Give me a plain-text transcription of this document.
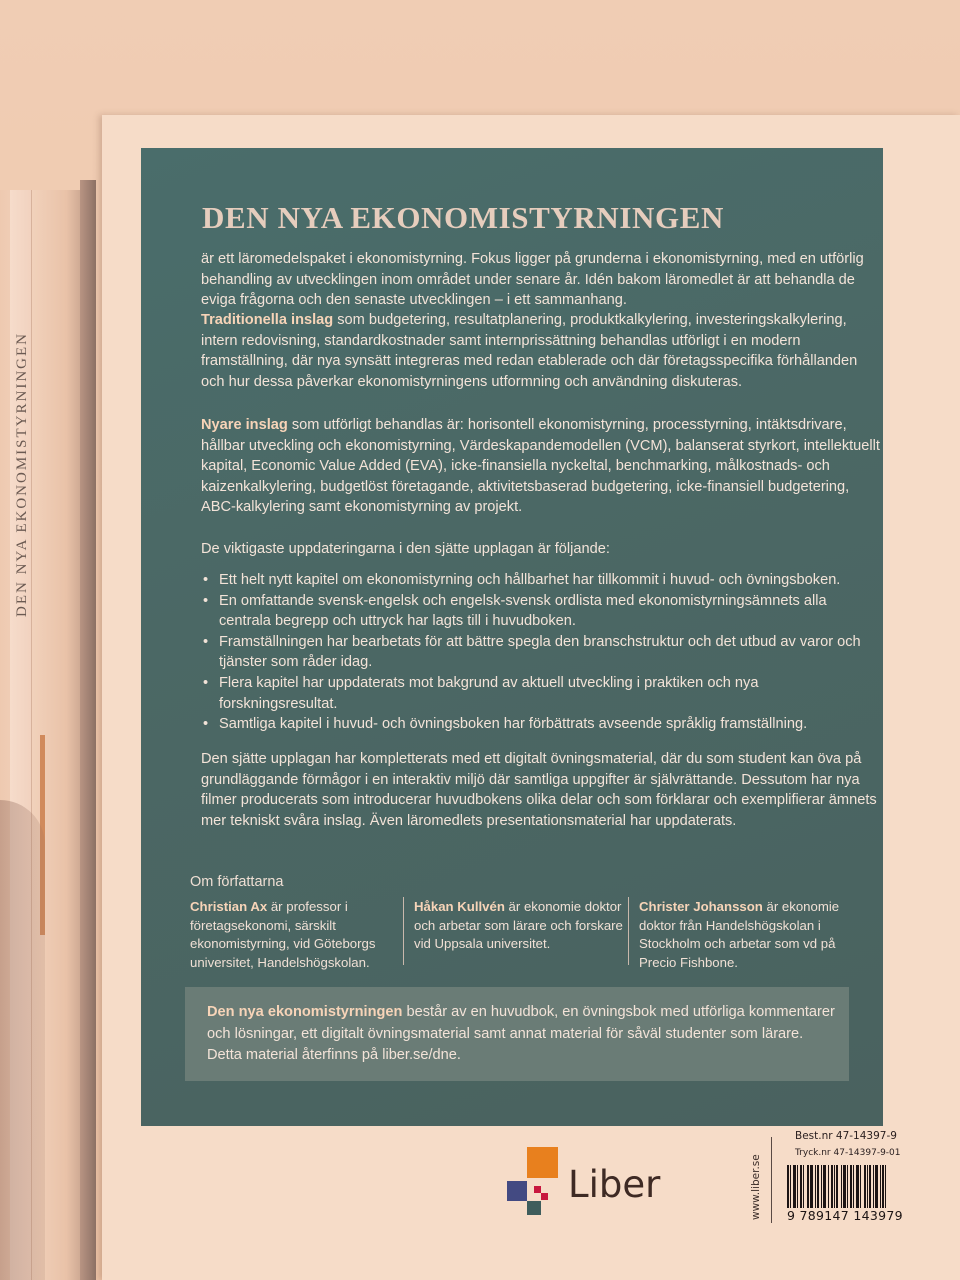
DEN NYA EKONOMISTYRNINGEN
DEN NYA EKONOMISTYRNINGEN

är ett läromedelspaket i ekonomistyrning. Fokus ligger på grunderna i ekonomistyrning, med en utförlig behandling av utvecklingen inom området under senare år. Idén bakom läromedlet är att behandla de eviga frågorna och den senaste utvecklingen – i ett sammanhang.

Traditionella inslag som budgetering, resultatplanering, produktkalkylering, investeringskalkylering, intern redovisning, standardkostnader samt internprissättning behandlas utförligt i en modern framställning, där nya synsätt integreras med redan etablerade och där företagsspecifika förhållanden och hur dessa påverkar ekonomistyrningens utformning och användning diskuteras.

Nyare inslag som utförligt behandlas är: horisontell ekonomistyrning, processtyrning, intäktsdrivare, hållbar utveckling och ekonomistyrning, Värdeskapandemodellen (VCM), balanserat styrkort, intellektuellt kapital, Economic Value Added (EVA), icke-finansiella nyckeltal, benchmarking, målkostnads- och kaizenkalkylering, budgetlöst företagande, aktivitetsbaserad budgetering, icke-finansiell budgetering, ABC-kalkylering samt ekonomistyrning av projekt.

De viktigaste uppdateringarna i den sjätte upplagan är följande:

• Ett helt nytt kapitel om ekonomistyrning och hållbarhet har tillkommit i huvud- och övningsboken.
• En omfattande svensk-engelsk och engelsk-svensk ordlista med ekonomistyrningsämnets alla centrala begrepp och uttryck har lagts till i huvudboken.
• Framställningen har bearbetats för att bättre spegla den branschstruktur och det utbud av varor och tjänster som råder idag.
• Flera kapitel har uppdaterats mot bakgrund av aktuell utveckling i praktiken och nya forskningsresultat.
• Samtliga kapitel i huvud- och övningsboken har förbättrats avseende språklig framställning.

Den sjätte upplagan har kompletterats med ett digitalt övningsmaterial, där du som student kan öva på grundläggande förmågor i en interaktiv miljö där samtliga uppgifter är självrättande. Dessutom har nya filmer producerats som introducerar huvudbokens olika delar och som förklarar och exemplifierar ämnets mer tekniskt svåra inslag. Även läromedlets presentationsmaterial har uppdaterats.

Om författarna
Christian Ax är professor i företagsekonomi, särskilt ekonomistyrning, vid Göteborgs universitet, Handelshögskolan.
Håkan Kullvén är ekonomie doktor och arbetar som lärare och forskare vid Uppsala universitet.
Christer Johansson är ekonomie doktor från Handelshögskolan i Stockholm och arbetar som vd på Precio Fishbone.

Den nya ekonomistyrningen består av en huvudbok, en övningsbok med utförliga kommentarer och lösningar, ett digitalt övningsmaterial samt annat material för såväl studenter som lärare. Detta material återfinns på liber.se/dne.

Liber	www.liber.se
Best.nr 47-14397-9
Tryck.nr 47-14397-9-01
9 789147 143979
